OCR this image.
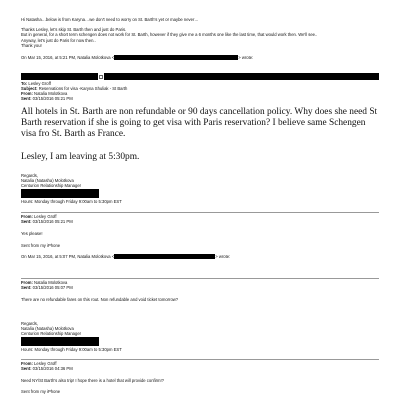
Hi Natasha…below is from Karyna…we don't need to worry on St. Barth's yet or maybe never…
Thanks Lesley, let's skip St. Barth then and just do Paris.
But in general, for a short term schengen does not work for St. Barth, however if they give me a 6 months one like the last time, that would work then. We'll see..
Anyway, let's just do Paris for now then..
Thank you!
On Mar 15, 2016, at 5:21 PM, Natalia Molotkova <	> wrote:
To: Lesley Groff
Subject: Reservations for visa -Karyna Shuliak - St Barth
From: Natalia Molotkova
Sent: 03/15/2016 05:21 PM

All hotels in St. Barth are non refundable or 90 days cancellation policy. Why does she need St Barth reservation if she is going to get visa with Paris reservation? I believe same Schengen visa fro St. Barth as France.

Lesley, I am leaving at 5:30pm.

Regards,
Natalia (Natasha) Molotkova
Centurion Relationship Manager
Hours: Monday through Friday 9:00am to 5:30pm EST
From: Lesley Groff
Sent: 03/15/2016 05:21 PM
Yes please!
Sent from my iPhone
On Mar 15, 2016, at 5:07 PM, Natalia Molotkova <	> wrote:
From: Natalia Molotkova
Sent: 03/15/2016 05:07 PM
There are no refundable fares on this rout. Non refundable and void ticket tomorrow?
Regards,
Natalia (Natasha) Molotkova
Centurion Relationship Manager
Hours: Monday through Friday 9:00am to 5:30pm EST
From: Lesley Groff
Sent: 03/15/2016 04:36 PM
Need NY/St Barth's also trip! I hope there is a hotel that will provide confirm!?
Sent from my iPhone
